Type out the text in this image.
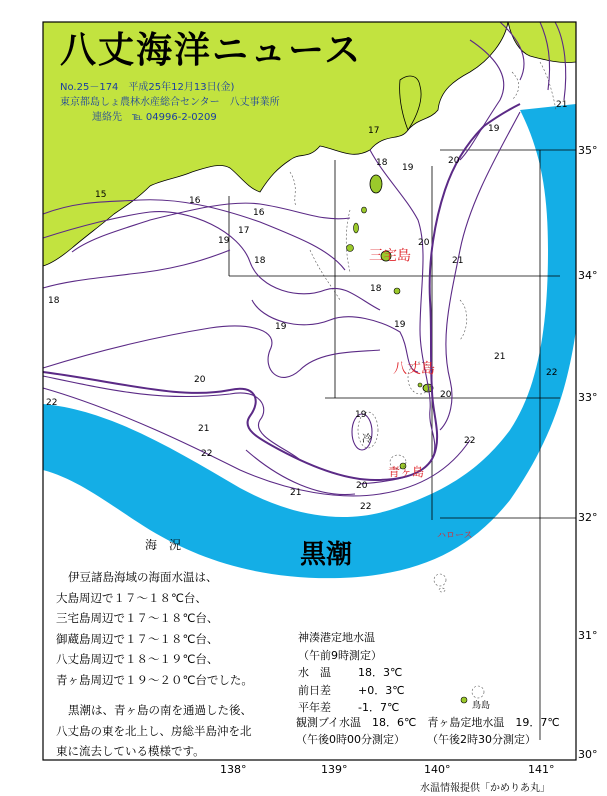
15
16
16
17
17
18
18
18
18
19
19
19
19
19
19
20
20
20
20
20
21
21
21
21
21
22
22
22
22
22
八丈海洋ニュース
No.25－174　平成25年12月13日(金)
東京都島しょ農林水産総合センター　八丈事業所
連絡先　℡ 04996-2-0209
35°
34°
33°
32°
31°
30°
138°	139°	140°	141°
三宅島
八丈島
青ヶ島
鳥島
冷
黒潮
ハロース
海　況

伊豆諸島海域の海面水温は、
大島周辺で１７～１８℃台、
三宅島周辺で１７～１８℃台、
御蔵島周辺で１７～１８℃台、
八丈島周辺で１８～１９℃台、
青ヶ島周辺で１９～２０℃台でした。

黒潮は、青ヶ島の南を通過した後、
八丈島の東を北上し、房総半島沖を北
東に流去している模様です。

神湊港定地水温
（午前9時測定）
水　温 18．3℃
前日差 +0．3℃
平年差 -1．7℃
観測ブイ水温　18．6℃　青ヶ島定地水温　19．7℃
（午後0時00分測定）　　　（午後2時30分測定）
水温情報提供「かめりあ丸」
